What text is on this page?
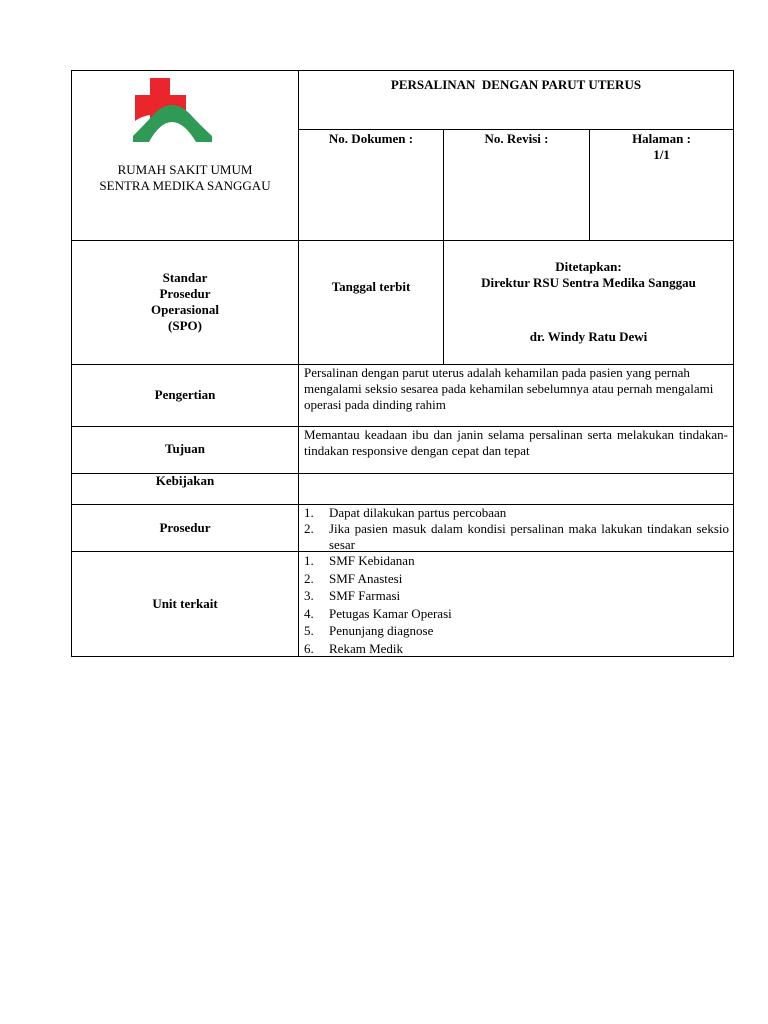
RUMAH SAKIT UMUM
SENTRA MEDIKA SANGGAU
PERSALINAN  DENGAN PARUT UTERUS
No. Dokumen :	No. Revisi :	Halaman :
1/1
Standar
Prosedur
Operasional
(SPO)
Tanggal terbit
Ditetapkan:
Direktur RSU Sentra Medika Sanggau
dr. Windy Ratu Dewi
Pengertian
Persalinan dengan parut uterus adalah kehamilan pada pasien yang pernah mengalami seksio sesarea pada kehamilan sebelumnya atau pernah mengalami operasi pada dinding rahim
Tujuan
Memantau keadaan ibu dan janin selama persalinan serta melakukan tindakan-tindakan responsive dengan cepat dan tepat
Kebijakan
Prosedur
1. Dapat dilakukan partus percobaan
2. Jika pasien masuk dalam kondisi persalinan maka lakukan tindakan seksio sesar
Unit terkait
1. SMF Kebidanan
2. SMF Anastesi
3. SMF Farmasi
4. Petugas Kamar Operasi
5. Penunjang diagnose
6. Rekam Medik
